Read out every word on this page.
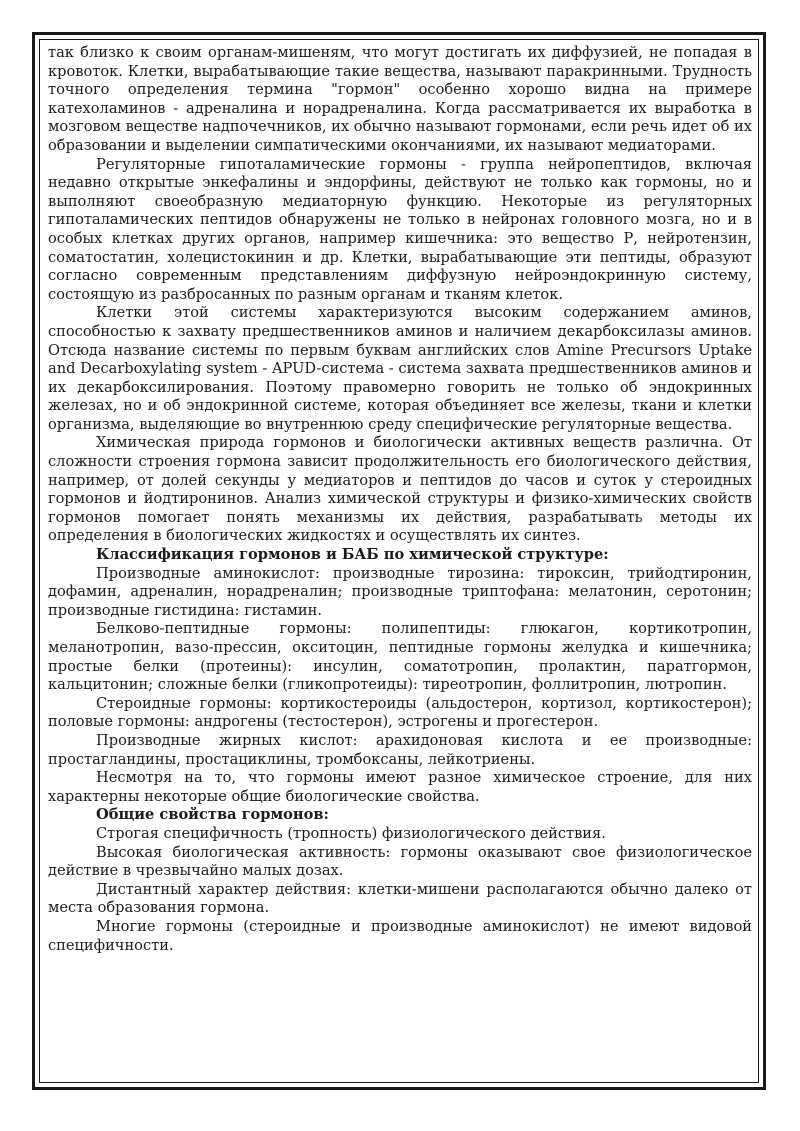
так близко к своим органам-мишеням, что могут достигать их диффузией, не попадая в кровоток. Клетки, вырабатывающие такие вещества, называют паракринными. Трудность точного определения термина "гормон" особенно хорошо видна на примере катехоламинов - адреналина и норадреналина. Когда рассматривается их выработка в мозговом веществе надпочечников, их обычно называют гормонами, если речь идет об их образовании и выделении симпатическими окончаниями, их называют медиаторами.

Регуляторные гипоталамические гормоны - группа нейропептидов, включая недавно открытые энкефалины и эндорфины, действуют не только как гормоны, но и выполняют своеобразную медиаторную функцию. Некоторые из регуляторных гипоталамических пептидов обнаружены не только в нейронах головного мозга, но и в особых клетках других органов, например кишечника: это вещество Р, нейротензин, соматостатин, холецистокинин и др. Клетки, вырабатывающие эти пептиды, образуют согласно современным представлениям диффузную нейроэндокринную систему, состоящую из разбросанных по разным органам и тканям клеток.

Клетки этой системы характеризуются высоким содержанием аминов, способностью к захвату предшественников аминов и наличием декарбоксилазы аминов. Отсюда название системы по первым буквам английских слов Amine Precursors Uptake and Decarboxylating system - APUD-система - система захвата предшественников аминов и их декарбоксилирования. Поэтому правомерно говорить не только об эндокринных железах, но и об эндокринной системе, которая объединяет все железы, ткани и клетки организма, выделяющие во внутреннюю среду специфические регуляторные вещества.

Химическая природа гормонов и биологически активных веществ различна. От сложности строения гормона зависит продолжительность его биологического действия, например, от долей секунды у медиаторов и пептидов до часов и суток у стероидных гормонов и йодтиронинов. Анализ химической структуры и физико-химических свойств гормонов помогает понять механизмы их действия, разрабатывать методы их определения в биологических жидкостях и осуществлять их синтез.

Классификация гормонов и БАБ по химической структуре:

Производные аминокислот: производные тирозина: тироксин, трийодтиронин, дофамин, адреналин, норадреналин; производные триптофана: мелатонин, серотонин; производные гистидина: гистамин.

Белково-пептидные гормоны: полипептиды: глюкагон, кортикотропин, меланотропин, вазо-прессин, окситоцин, пептидные гормоны желудка и кишечника; простые белки (протеины): инсулин, соматотропин, пролактин, паратгормон, кальцитонин; сложные белки (гликопротеиды): тиреотропин, фоллитропин, лютропин.

Стероидные гормоны: кортикостероиды (альдостерон, кортизол, кортикостерон); половые гормоны: андрогены (тестостерон), эстрогены и прогестерон.

Производные жирных кислот: арахидоновая кислота и ее производные: простагландины, простациклины, тромбоксаны, лейкотриены.

Несмотря на то, что гормоны имеют разное химическое строение, для них характерны некоторые общие биологические свойства.

Общие свойства гормонов:

Строгая специфичность (тропность) физиологического действия.

Высокая биологическая активность: гормоны оказывают свое физиологическое действие в чрезвычайно малых дозах.

Дистантный характер действия: клетки-мишени располагаются обычно далеко от места образования гормона.

Многие гормоны (стероидные и производные аминокислот) не имеют видовой специфичности.
